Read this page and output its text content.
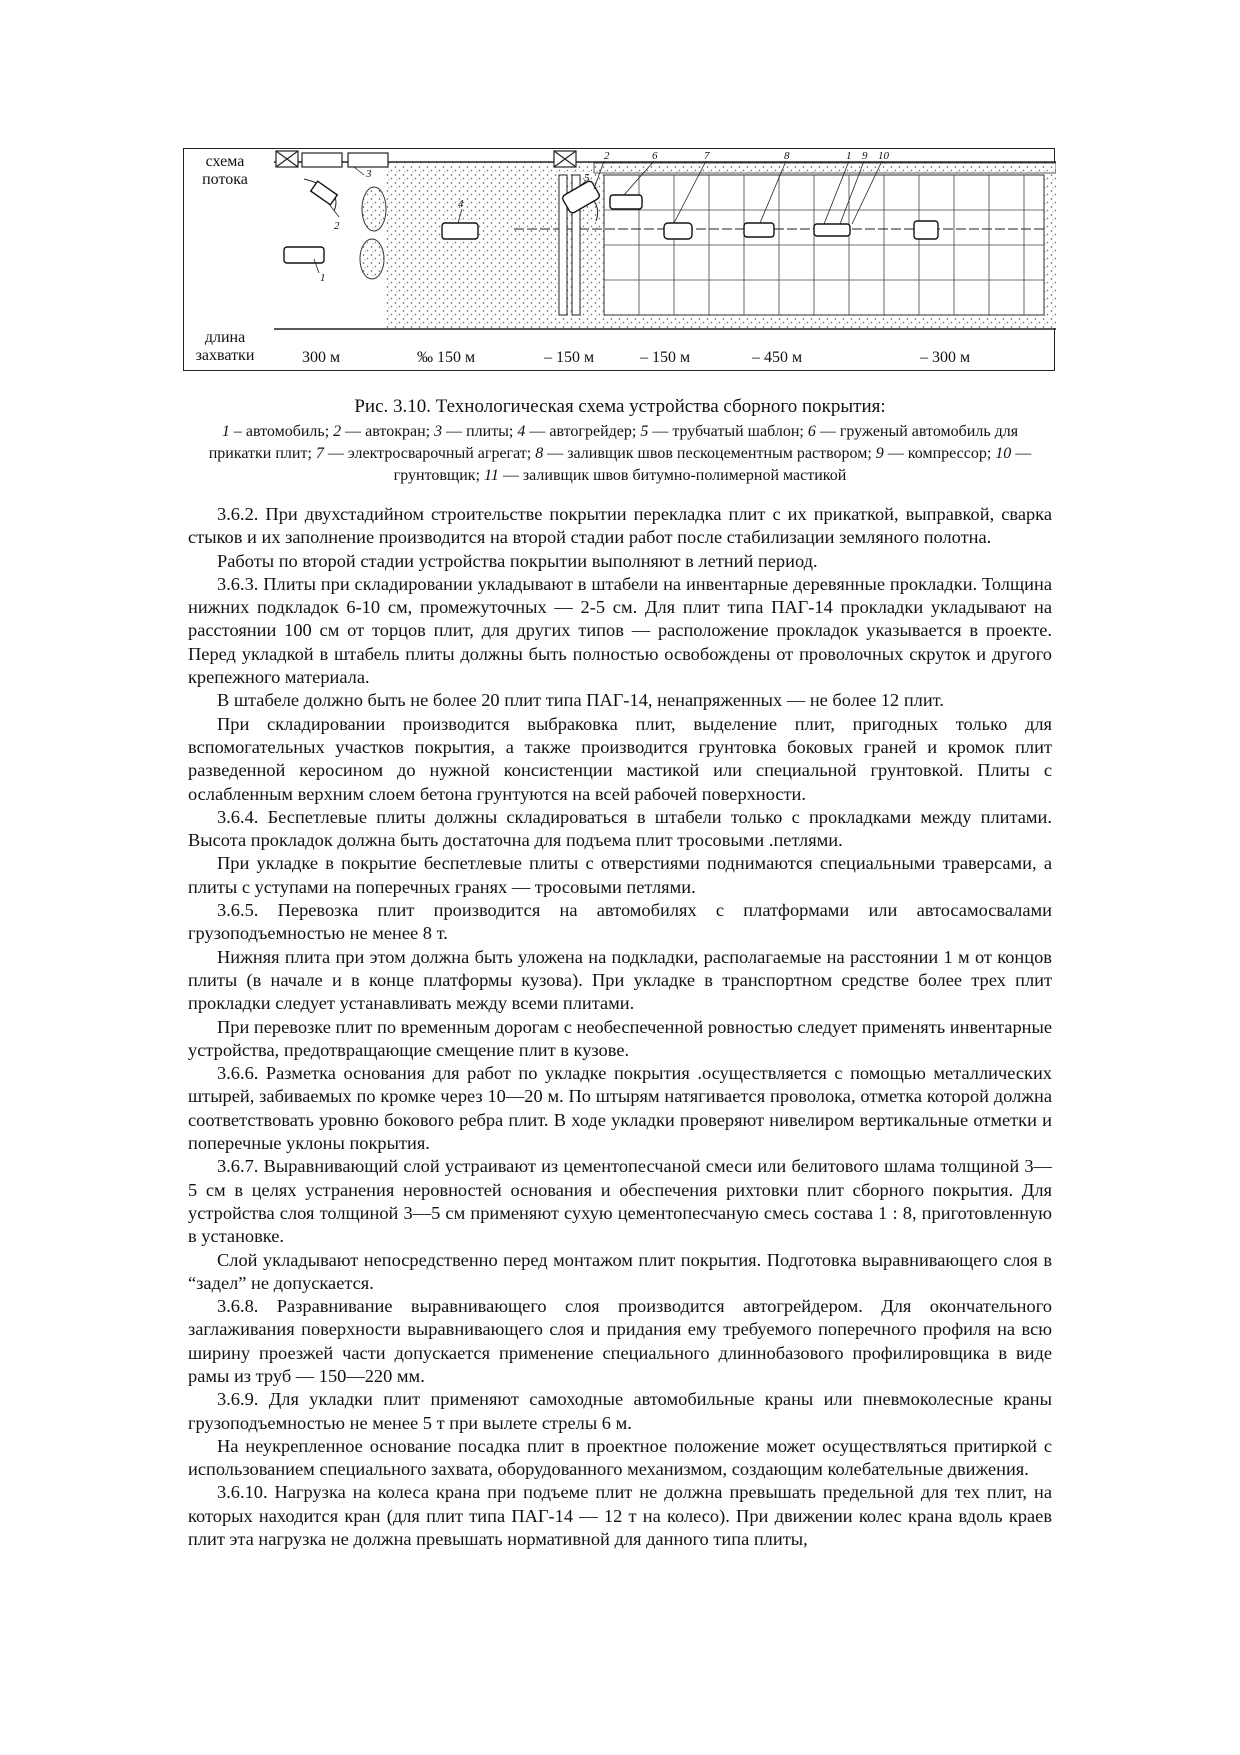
схема потока
длина захватки
1
2
3
4
5
2	6	7	8	1 9 10
300 м	‰ 150 м	– 150 м	– 150 м	– 450 м	– 300 м
Рис. 3.10. Технологическая схема устройства сборного покрытия:
1 – автомобиль; 2 — автокран; 3 — плиты; 4 — автогрейдер; 5 — трубчатый шаблон; 6 — груженый автомобиль для прикатки плит; 7 — электросварочный агрегат; 8 — заливщик швов пескоцементным раствором; 9 — компрессор; 10 — грунтовщик; 11 — заливщик швов битумно-полимерной мастикой

3.6.2. При двухстадийном строительстве покрытии перекладка плит с их прикаткой, выправкой, сварка стыков и их заполнение производится на второй стадии работ после стабилизации земляного полотна.

Работы по второй стадии устройства покрытии выполняют в летний период.

3.6.3. Плиты при складировании укладывают в штабели на инвентарные деревянные прокладки. Толщина нижних подкладок 6-10 см, промежуточных — 2-5 см. Для плит типа ПАГ-14 прокладки укладывают на расстоянии 100 см от торцов плит, для других типов — расположение прокладок указывается в проекте. Перед укладкой в штабель плиты должны быть полностью освобождены от проволочных скруток и другого крепежного материала.

В штабеле должно быть не более 20 плит типа ПАГ-14, ненапряженных — не более 12 плит.

При складировании производится выбраковка плит, выделение плит, пригодных только для вспомогательных участков покрытия, а также производится грунтовка боковых граней и кромок плит разведенной керосином до нужной консистенции мастикой или специальной грунтовкой. Плиты с ослабленным верхним слоем бетона грунтуются на всей рабочей поверхности.

3.6.4. Беспетлевые плиты должны складироваться в штабели только с прокладками между плитами. Высота прокладок должна быть достаточна для подъема плит тросовыми .петлями.

При укладке в покрытие беспетлевые плиты с отверстиями поднимаются специальными траверсами, а плиты с уступами на поперечных гранях — тросовыми петлями.

3.6.5. Перевозка плит производится на автомобилях с платформами или автосамосвалами грузоподъемностью не менее 8 т.

Нижняя плита при этом должна быть уложена на подкладки, располагаемые на расстоянии 1 м от концов плиты (в начале и в конце платформы кузова). При укладке в транспортном средстве более трех плит прокладки следует устанавливать между всеми плитами.

При перевозке плит по временным дорогам с необеспеченной ровностью следует применять инвентарные устройства, предотвращающие смещение плит в кузове.

3.6.6. Разметка основания для работ по укладке покрытия .осуществляется с помощью металлических штырей, забиваемых по кромке через 10—20 м. По штырям натягивается проволока, отметка которой должна соответствовать уровню бокового ребра плит. В ходе укладки проверяют нивелиром вертикальные отметки и поперечные уклоны покрытия.

3.6.7. Выравнивающий слой устраивают из цементопесчаной смеси или белитового шлама толщиной 3—5 см в целях устранения неровностей основания и обеспечения рихтовки плит сборного покрытия. Для устройства слоя толщиной 3—5 см применяют сухую цементопесчаную смесь состава 1 : 8, приготовленную в установке.

Слой укладывают непосредственно перед монтажом плит покрытия. Подготовка выравнивающего слоя в “задел” не допускается.

3.6.8. Разравнивание выравнивающего слоя производится автогрейдером. Для окончательного заглаживания поверхности выравнивающего слоя и придания ему требуемого поперечного профиля на всю ширину проезжей части допускается применение специального длиннобазового профилировщика в виде рамы из труб — 150—220 мм.

3.6.9. Для укладки плит применяют самоходные автомобильные краны или пневмоколесные краны грузоподъемностью не менее 5 т при вылете стрелы 6 м.

На неукрепленное основание посадка плит в проектное положение может осуществляться притиркой с использованием специального захвата, оборудованного механизмом, создающим колебательные движения.

3.6.10. Нагрузка на колеса крана при подъеме плит не должна превышать предельной для тех плит, на которых находится кран (для плит типа ПАГ-14 — 12 т на колесо). При движении колес крана вдоль краев плит эта нагрузка не должна превышать нормативной для данного типа плиты,
